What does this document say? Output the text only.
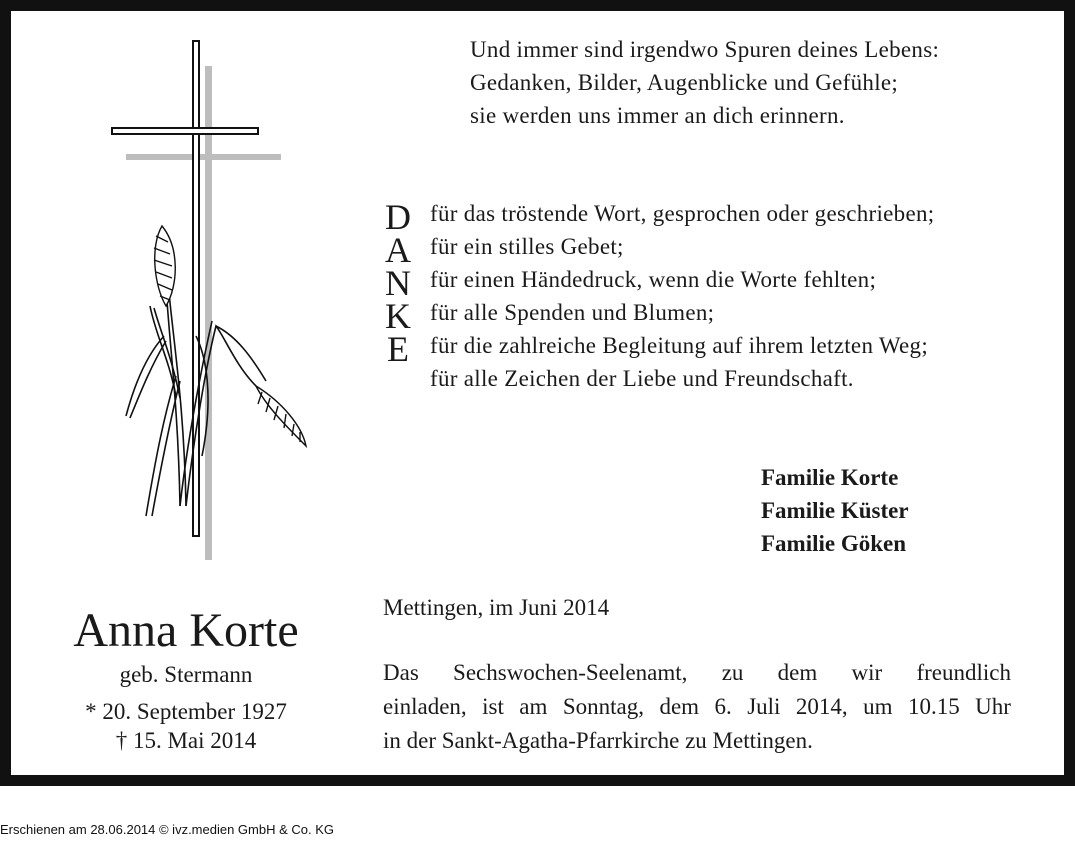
Und immer sind irgendwo Spuren deines Lebens:
Gedanken, Bilder, Augenblicke und Gefühle;
sie werden uns immer an dich erinnern.
D
A
N
K
E
für das tröstende Wort, gesprochen oder geschrieben;
für ein stilles Gebet;
für einen Händedruck, wenn die Worte fehlten;
für alle Spenden und Blumen;
für die zahlreiche Begleitung auf ihrem letzten Weg;
für alle Zeichen der Liebe und Freundschaft.
Familie Korte
Familie Küster
Familie Göken
Mettingen, im Juni 2014
Das Sechswochen-Seelenamt, zu dem wir freundlich
einladen, ist am Sonntag, dem 6. Juli 2014, um 10.15 Uhr
in der Sankt-Agatha-Pfarrkirche zu Mettingen.
Anna Korte
geb. Stermann
* 20. September 1927
† 15. Mai 2014
Erschienen am 28.06.2014 © ivz.medien GmbH & Co. KG
